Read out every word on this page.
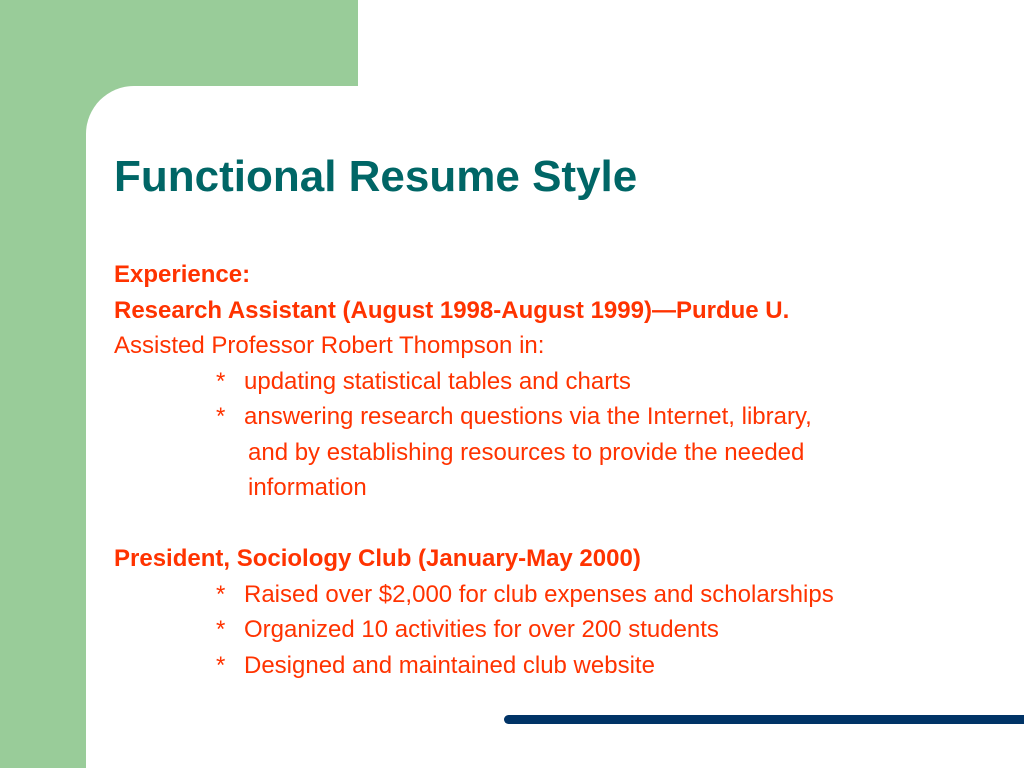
Functional Resume Style
Experience:
Research Assistant (August 1998-August 1999)—Purdue U.
Assisted Professor Robert Thompson in:
* updating statistical tables and charts
* answering research questions via the Internet, library,
and by establishing resources to provide the needed
information
President, Sociology Club (January-May 2000)
* Raised over $2,000 for club expenses and scholarships
* Organized 10 activities for over 200 students
* Designed and maintained club website
